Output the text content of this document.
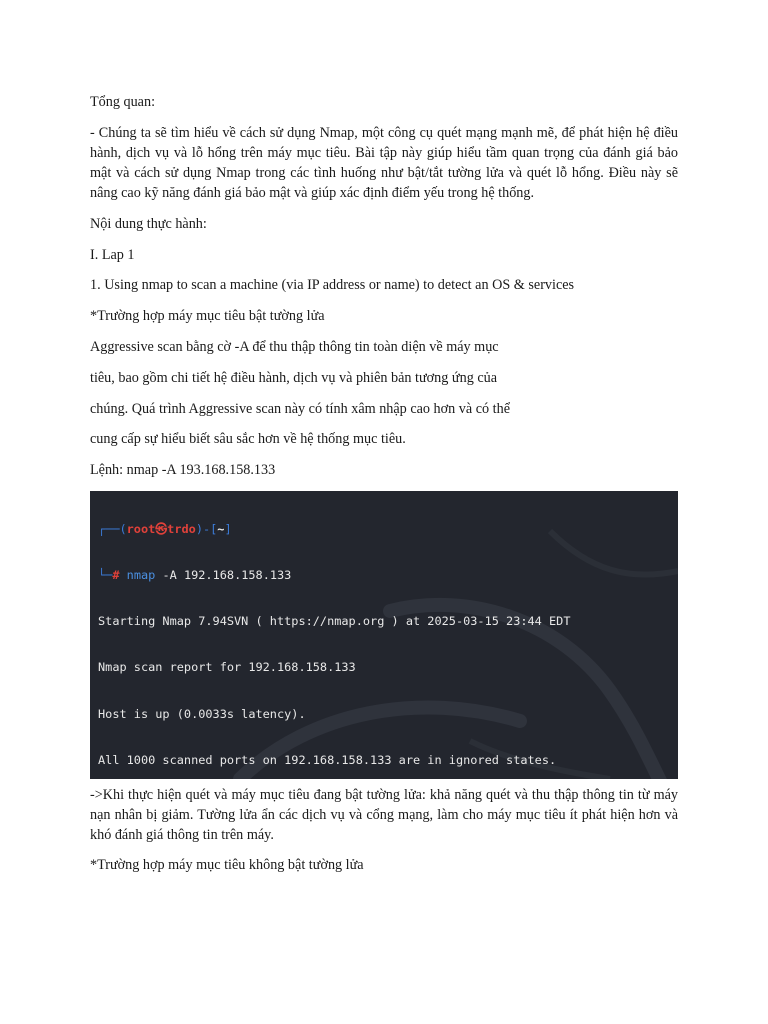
Tổng quan:

- Chúng ta sẽ tìm hiểu về cách sử dụng Nmap, một công cụ quét mạng mạnh mẽ, để phát hiện hệ điều hành, dịch vụ và lỗ hổng trên máy mục tiêu. Bài tập này giúp hiểu tầm quan trọng của đánh giá bảo mật và cách sử dụng Nmap trong các tình huống như bật/tắt tường lửa và quét lỗ hổng. Điều này sẽ nâng cao kỹ năng đánh giá bảo mật và giúp xác định điểm yếu trong hệ thống.

Nội dung thực hành:

I. Lap 1

1. Using nmap to scan a machine (via IP address or name) to detect an OS & services

*Trường hợp máy mục tiêu bật tường lửa

Aggressive scan bằng cờ -A để thu thập thông tin toàn diện về máy mục

tiêu, bao gồm chi tiết hệ điều hành, dịch vụ và phiên bản tương ứng của

chúng. Quá trình Aggressive scan này có tính xâm nhập cao hơn và có thể

cung cấp sự hiểu biết sâu sắc hơn về hệ thống mục tiêu.

Lệnh: nmap -A 193.168.158.133

┌──(root㉿trdo)-[~]

└─# nmap -A 192.168.158.133

Starting Nmap 7.94SVN ( https://nmap.org ) at 2025-03-15 23:44 EDT

Nmap scan report for 192.168.158.133

Host is up (0.0033s latency).

All 1000 scanned ports on 192.168.158.133 are in ignored states.

->Khi thực hiện quét và máy mục tiêu đang bật tường lửa: khả năng quét và thu thập thông tin từ máy nạn nhân bị giảm. Tường lửa ẩn các dịch vụ và cổng mạng, làm cho máy mục tiêu ít phát hiện hơn và khó đánh giá thông tin trên máy.

*Trường hợp máy mục tiêu không bật tường lửa
